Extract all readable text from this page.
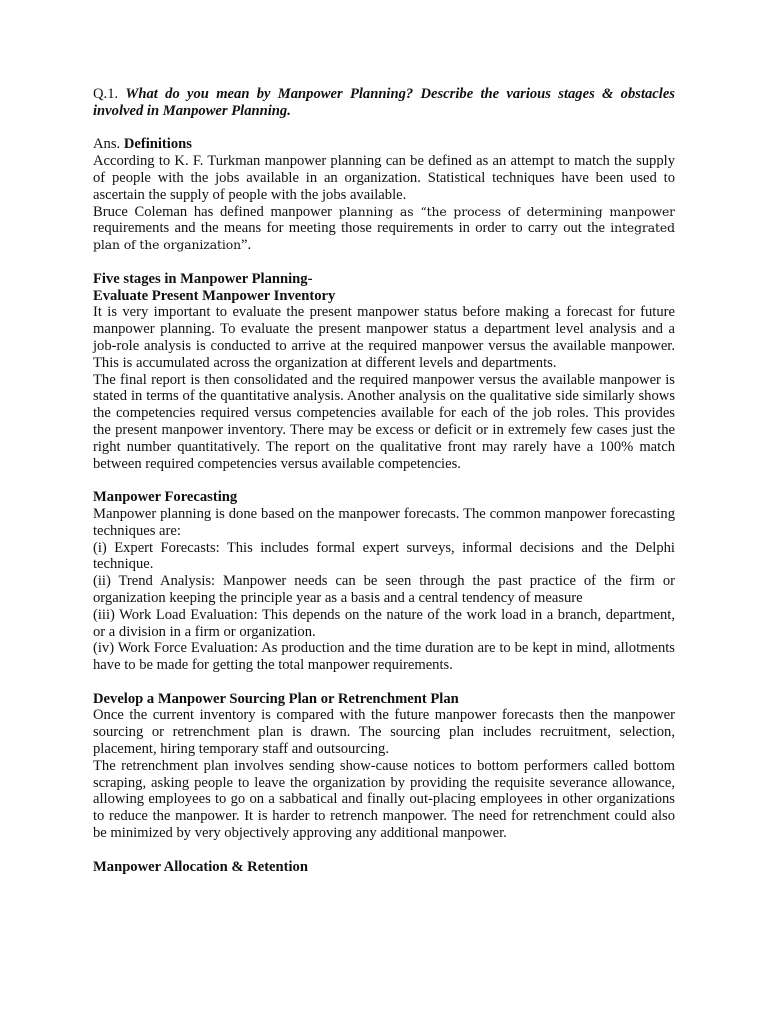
Q.1. What do you mean by Manpower Planning? Describe the various stages & obstacles involved in Manpower Planning.

Ans. Definitions

According to K. F. Turkman manpower planning can be defined as an attempt to match the supply of people with the jobs available in an organization. Statistical techniques have been used to ascertain the supply of people with the jobs available.

Bruce Coleman has defined manpower planning as “the process of determining manpower requirements and the means for meeting those requirements in order to carry out the integrated plan of the organization”.

Five stages in Manpower Planning-
Evaluate Present Manpower Inventory

It is very important to evaluate the present manpower status before making a forecast for future manpower planning. To evaluate the present manpower status a department level analysis and a job-role analysis is conducted to arrive at the required manpower versus the available manpower. This is accumulated across the organization at different levels and departments.

The final report is then consolidated and the required manpower versus the available manpower is stated in terms of the quantitative analysis. Another analysis on the qualitative side similarly shows the competencies required versus competencies available for each of the job roles. This provides the present manpower inventory. There may be excess or deficit or in extremely few cases just the right number quantitatively. The report on the qualitative front may rarely have a 100% match between required competencies versus available competencies.

Manpower Forecasting

Manpower planning is done based on the manpower forecasts. The common manpower forecasting techniques are:

(i) Expert Forecasts: This includes formal expert surveys, informal decisions and the Delphi technique.

(ii) Trend Analysis: Manpower needs can be seen through the past practice of the firm or organization keeping the principle year as a basis and a central tendency of measure

(iii) Work Load Evaluation: This depends on the nature of the work load in a branch, department, or a division in a firm or organization.

(iv) Work Force Evaluation: As production and the time duration are to be kept in mind, allotments have to be made for getting the total manpower requirements.

Develop a Manpower Sourcing Plan or Retrenchment Plan

Once the current inventory is compared with the future manpower forecasts then the manpower sourcing or retrenchment plan is drawn. The sourcing plan includes recruitment, selection, placement, hiring temporary staff and outsourcing.

The retrenchment plan involves sending show-cause notices to bottom performers called bottom scraping, asking people to leave the organization by providing the requisite severance allowance, allowing employees to go on a sabbatical and finally out-placing employees in other organizations to reduce the manpower. It is harder to retrench manpower. The need for retrenchment could also be minimized by very objectively approving any additional manpower.

Manpower Allocation & Retention
